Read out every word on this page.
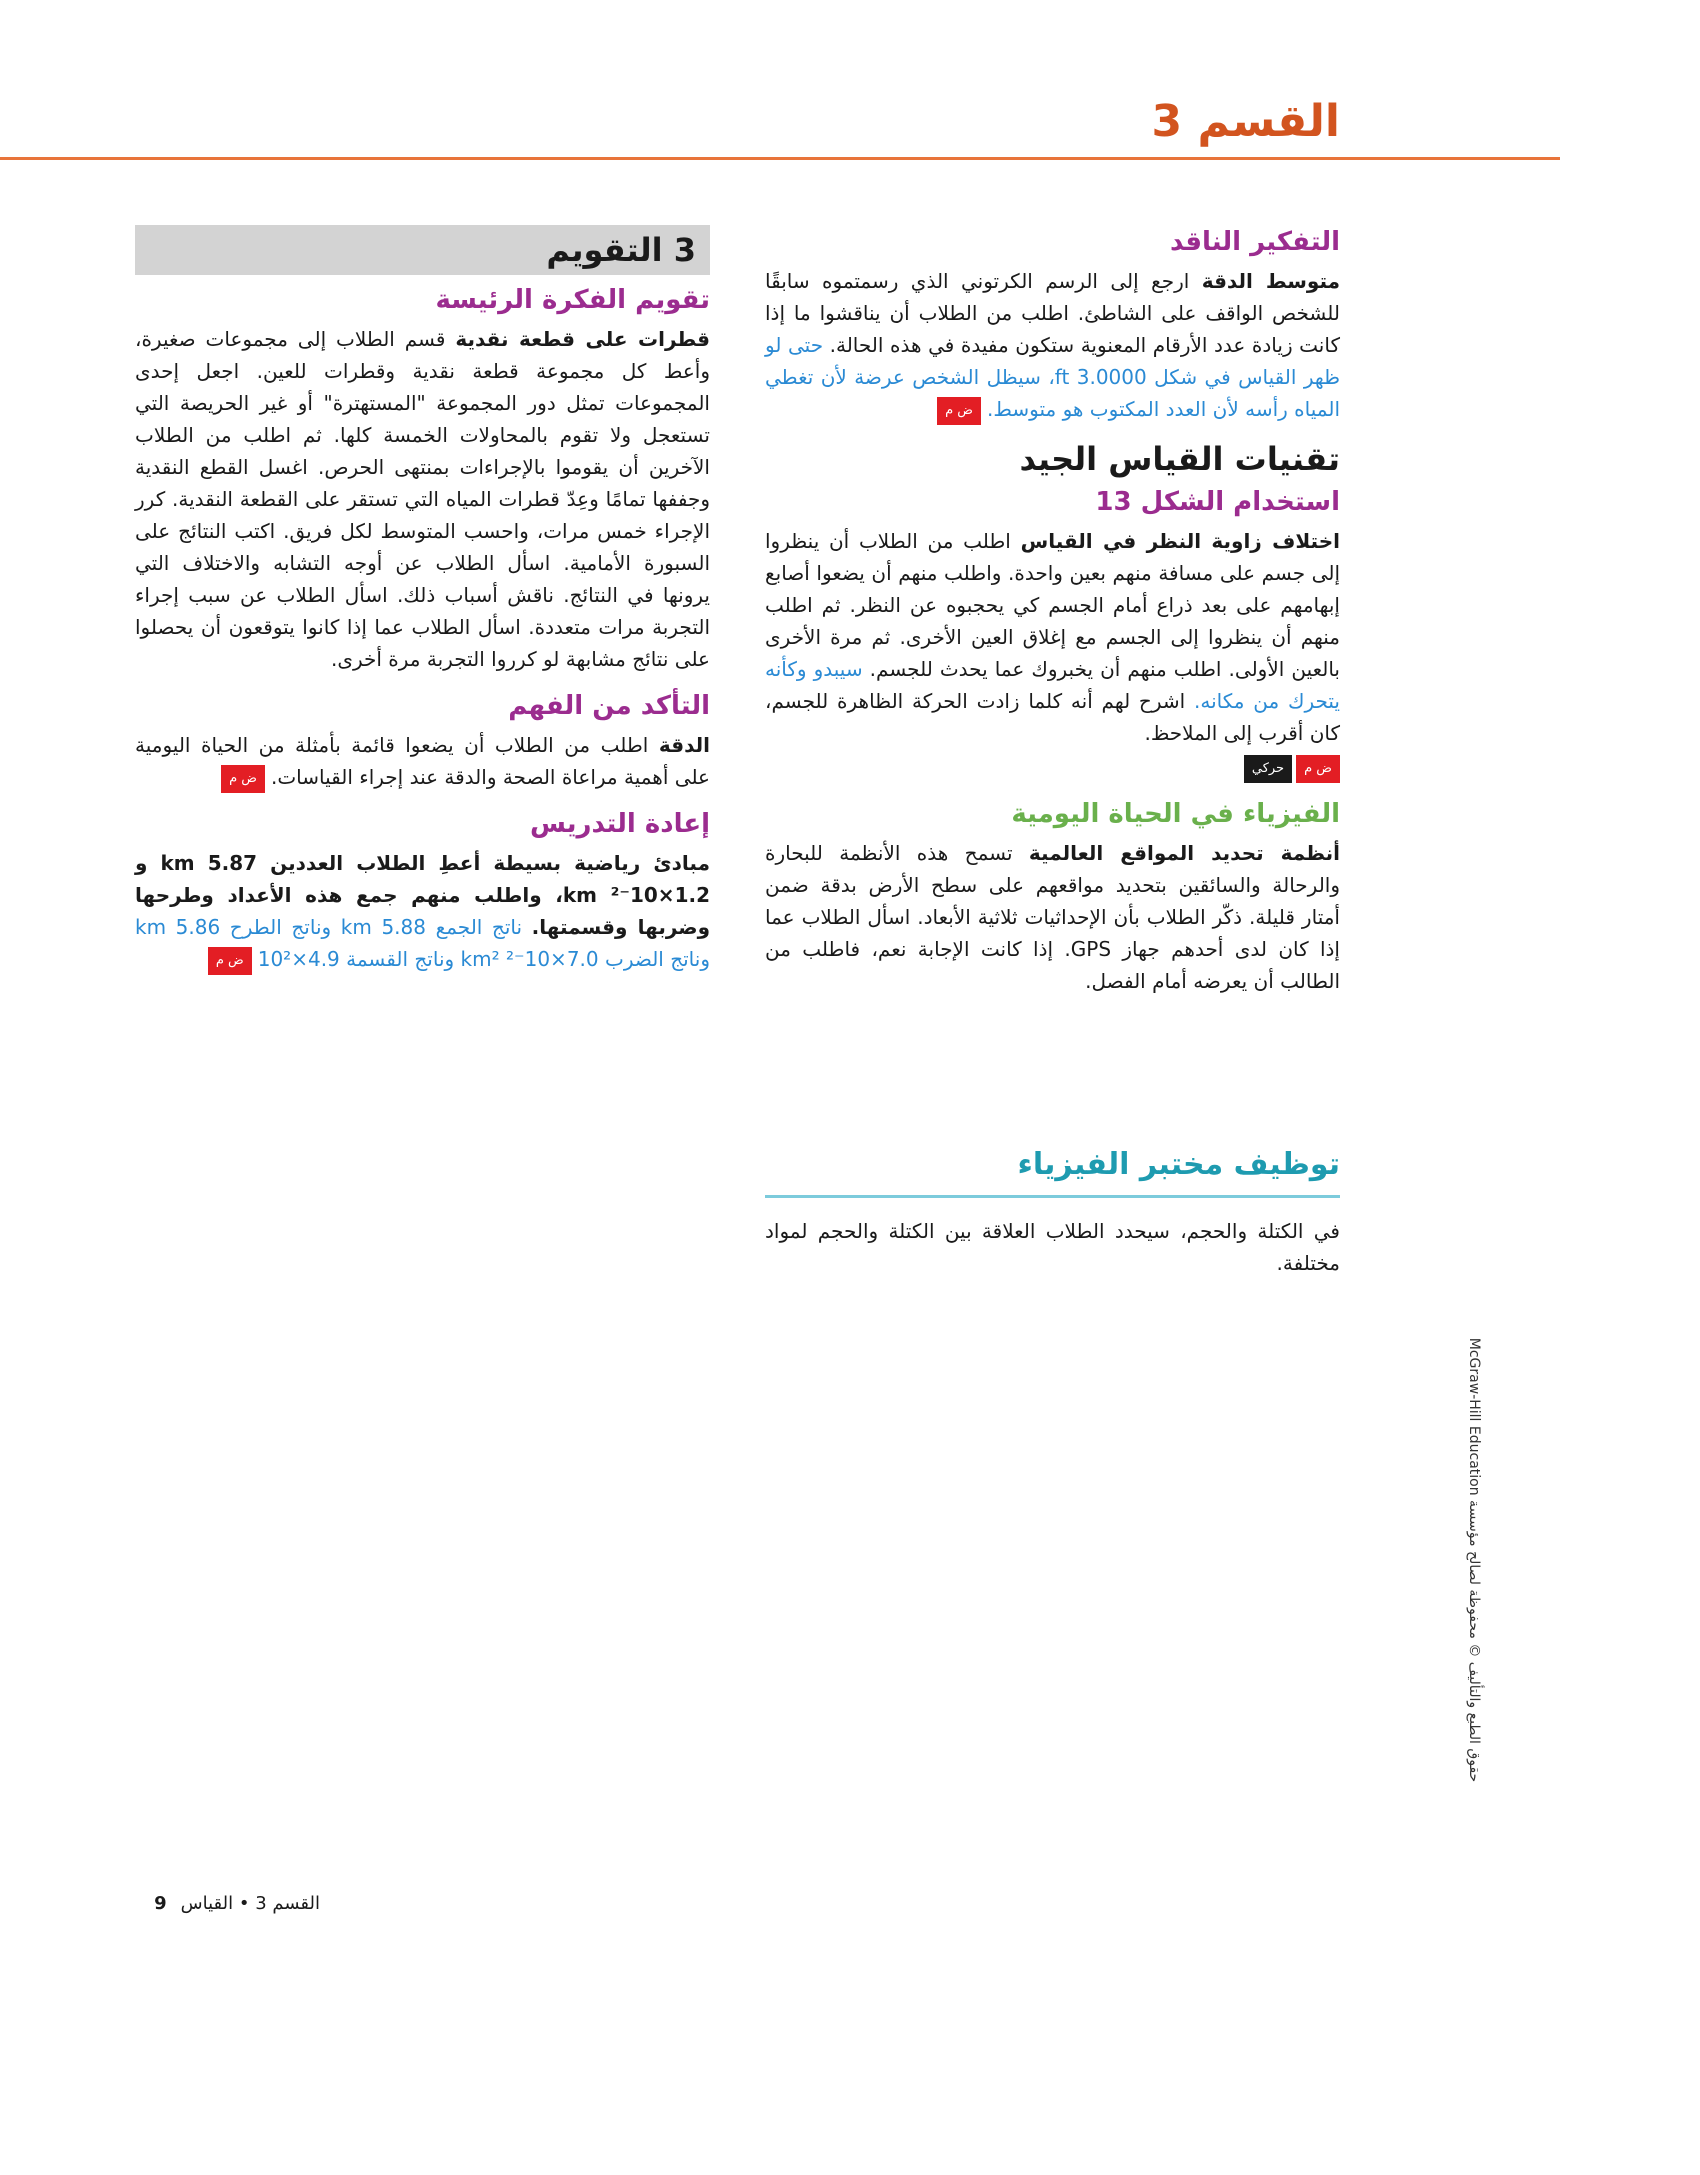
القسم 3
التفكير الناقد

متوسط الدقة ارجع إلى الرسم الكرتوني الذي رسمتموه سابقًا للشخص الواقف على الشاطئ. اطلب من الطلاب أن يناقشوا ما إذا كانت زيادة عدد الأرقام المعنوية ستكون مفيدة في هذه الحالة. حتى لو ظهر القياس في شكل 3.0000 ft، سيظل الشخص عرضة لأن تغطي المياه رأسه لأن العدد المكتوب هو متوسط.ض م

تقنيات القياس الجيد
استخدام الشكل 13

اختلاف زاوية النظر في القياس اطلب من الطلاب أن ينظروا إلى جسم على مسافة منهم بعين واحدة. واطلب منهم أن يضعوا أصابع إبهامهم على بعد ذراع أمام الجسم كي يحجبوه عن النظر. ثم اطلب منهم أن ينظروا إلى الجسم مع إغلاق العين الأخرى. ثم مرة الأخرى بالعين الأولى. اطلب منهم أن يخبروك عما يحدث للجسم. سيبدو وكأنه يتحرك من مكانه. اشرح لهم أنه كلما زادت الحركة الظاهرة للجسم، كان أقرب إلى الملاحظ.

ض محركي
الفيزياء في الحياة اليومية

أنظمة تحديد المواقع العالمية تسمح هذه الأنظمة للبحارة والرحالة والسائقين بتحديد مواقعهم على سطح الأرض بدقة ضمن أمتار قليلة. ذكّر الطلاب بأن الإحداثيات ثلاثية الأبعاد. اسأل الطلاب عما إذا كان لدى أحدهم جهاز GPS. إذا كانت الإجابة نعم، فاطلب من الطالب أن يعرضه أمام الفصل.

توظيف مختبر الفيزياء

في الكتلة والحجم، سيحدد الطلاب العلاقة بين الكتلة والحجم لمواد مختلفة.

3 التقويم
تقويم الفكرة الرئيسة

قطرات على قطعة نقدية قسم الطلاب إلى مجموعات صغيرة، وأعط كل مجموعة قطعة نقدية وقطرات للعين. اجعل إحدى المجموعات تمثل دور المجموعة "المستهترة" أو غير الحريصة التي تستعجل ولا تقوم بالمحاولات الخمسة كلها. ثم اطلب من الطلاب الآخرين أن يقوموا بالإجراءات بمنتهى الحرص. اغسل القطع النقدية وجففها تمامًا وعِدّ قطرات المياه التي تستقر على القطعة النقدية. كرر الإجراء خمس مرات، واحسب المتوسط لكل فريق. اكتب النتائج على السبورة الأمامية. اسأل الطلاب عن أوجه التشابه والاختلاف التي يرونها في النتائج. ناقش أسباب ذلك. اسأل الطلاب عن سبب إجراء التجربة مرات متعددة. اسأل الطلاب عما إذا كانوا يتوقعون أن يحصلوا على نتائج مشابهة لو كرروا التجربة مرة أخرى.

التأكد من الفهم

الدقة اطلب من الطلاب أن يضعوا قائمة بأمثلة من الحياة اليومية على أهمية مراعاة الصحة والدقة عند إجراء القياسات.ض م

إعادة التدريس

مبادئ رياضية بسيطة أعطِ الطلاب العددين 5.87 km و 1.2×10⁻² km، واطلب منهم جمع هذه الأعداد وطرحها وضربها وقسمتها. ناتج الجمع 5.88 km وناتج الطرح 5.86 km وناتج الضرب 7.0×10⁻² km² وناتج القسمة 4.9×10²ض م

حقوق الطبع والتأليف © محفوظة لصالح مؤسسة McGraw-Hill Education
القسم 3 • القياس9
